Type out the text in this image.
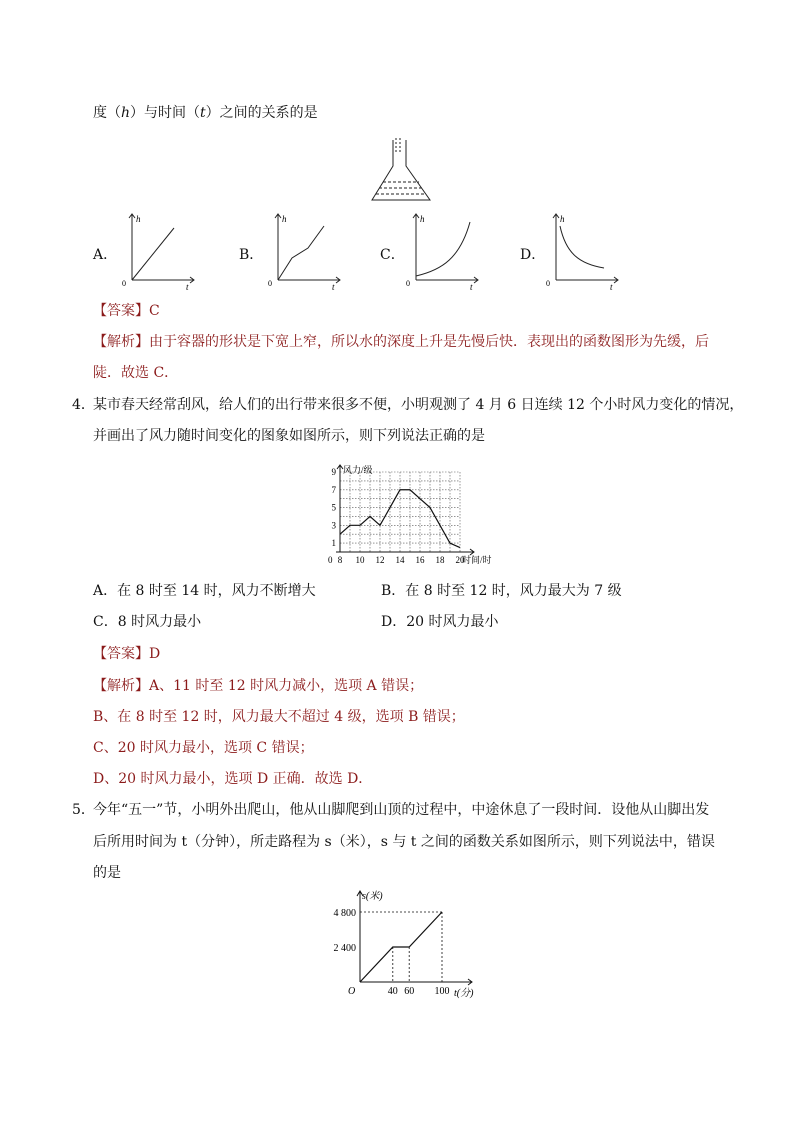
度（h）与时间（t）之间的关系的是
A．
h
t
0
B．
h
t
0
C．
h
t
0
D．
h
t
0
【答案】C
【解析】由于容器的形状是下宽上窄，所以水的深度上升是先慢后快．表现出的函数图形为先缓，后
陡．故选 C．
4．
某市春天经常刮风，给人们的出行带来很多不便，小明观测了 4 月 6 日连续 12 个小时风力变化的情况，
并画出了风力随时间变化的图象如图所示，则下列说法正确的是
8 10 12 14 16 18 20
1
3
5
7
9
0
风力/级
时间/时
A．在 8 时至 14 时，风力不断增大	B．在 8 时至 12 时，风力最大为 7 级
C．8 时风力最小	D．20 时风力最小
【答案】D
【解析】A、11 时至 12 时风力减小，选项 A 错误；
B、在 8 时至 12 时，风力最大不超过 4 级，选项 B 错误；
C、20 时风力最小，选项 C 错误；
D、20 时风力最小，选项 D 正确．故选 D．
5．
今年“五一”节，小明外出爬山，他从山脚爬到山顶的过程中，中途休息了一段时间．设他从山脚出发
后所用时间为 t（分钟），所走路程为 s（米），s 与 t 之间的函数关系如图所示，则下列说法中，错误
的是
s(米)
4 800
2 400
O	40 60 100 t(分)
